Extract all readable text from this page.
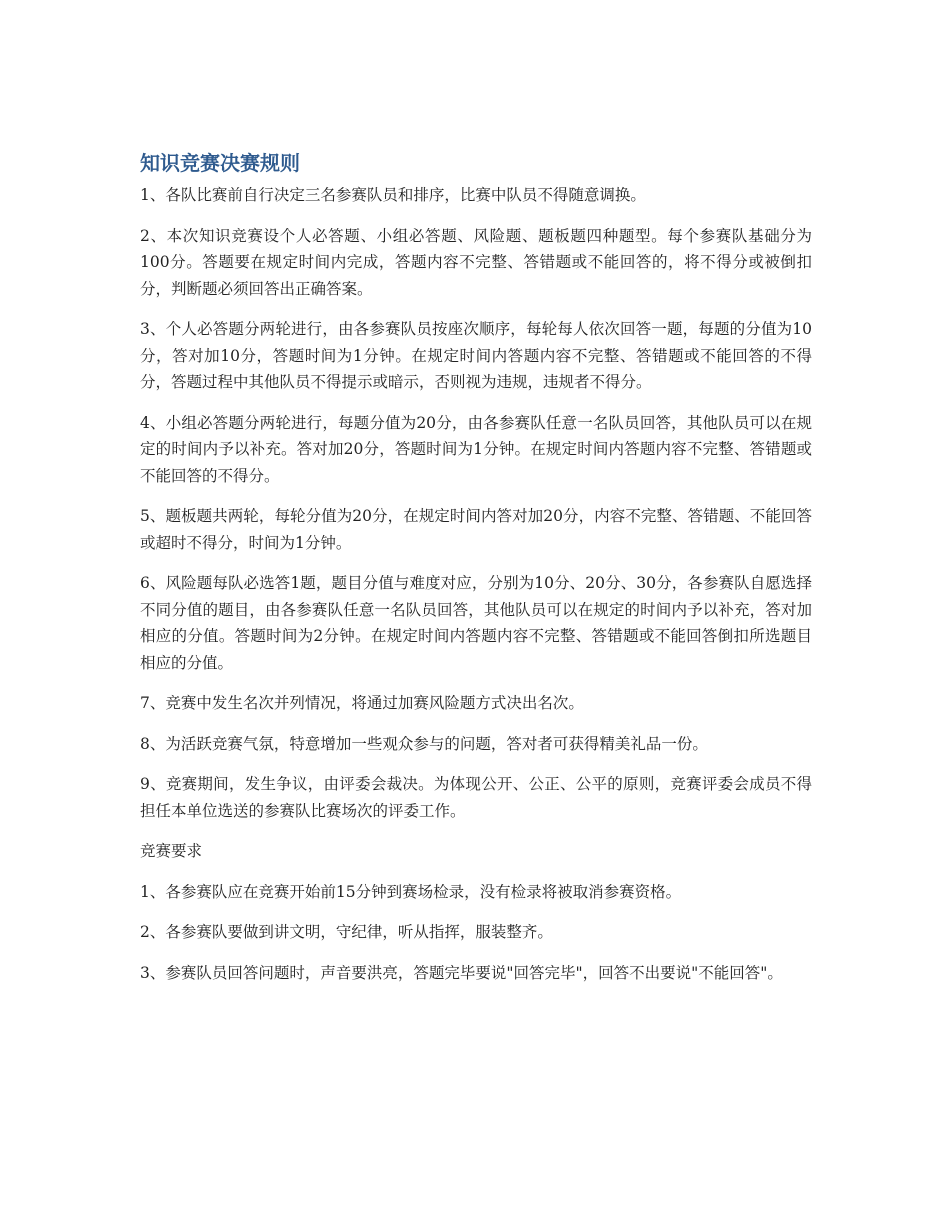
知识竞赛决赛规则

1、各队比赛前自行决定三名参赛队员和排序，比赛中队员不得随意调换。

2、本次知识竞赛设个人必答题、小组必答题、风险题、题板题四种题型。每个参赛队基础分为100分。答题要在规定时间内完成，答题内容不完整、答错题或不能回答的，将不得分或被倒扣分，判断题必须回答出正确答案。

3、个人必答题分两轮进行，由各参赛队员按座次顺序，每轮每人依次回答一题，每题的分值为10分，答对加10分，答题时间为1分钟。在规定时间内答题内容不完整、答错题或不能回答的不得分，答题过程中其他队员不得提示或暗示，否则视为违规，违规者不得分。

4、小组必答题分两轮进行，每题分值为20分，由各参赛队任意一名队员回答，其他队员可以在规定的时间内予以补充。答对加20分，答题时间为1分钟。在规定时间内答题内容不完整、答错题或不能回答的不得分。

5、题板题共两轮，每轮分值为20分，在规定时间内答对加20分，内容不完整、答错题、不能回答或超时不得分，时间为1分钟。

6、风险题每队必选答1题，题目分值与难度对应，分别为10分、20分、30分，各参赛队自愿选择不同分值的题目，由各参赛队任意一名队员回答，其他队员可以在规定的时间内予以补充，答对加相应的分值。答题时间为2分钟。在规定时间内答题内容不完整、答错题或不能回答倒扣所选题目相应的分值。

7、竞赛中发生名次并列情况，将通过加赛风险题方式决出名次。

8、为活跃竞赛气氛，特意增加一些观众参与的问题，答对者可获得精美礼品一份。

9、竞赛期间，发生争议，由评委会裁决。为体现公开、公正、公平的原则，竞赛评委会成员不得担任本单位选送的参赛队比赛场次的评委工作。

竞赛要求

1、各参赛队应在竞赛开始前15分钟到赛场检录，没有检录将被取消参赛资格。

2、各参赛队要做到讲文明，守纪律，听从指挥，服装整齐。

3、参赛队员回答问题时，声音要洪亮，答题完毕要说"回答完毕"，回答不出要说"不能回答"。
